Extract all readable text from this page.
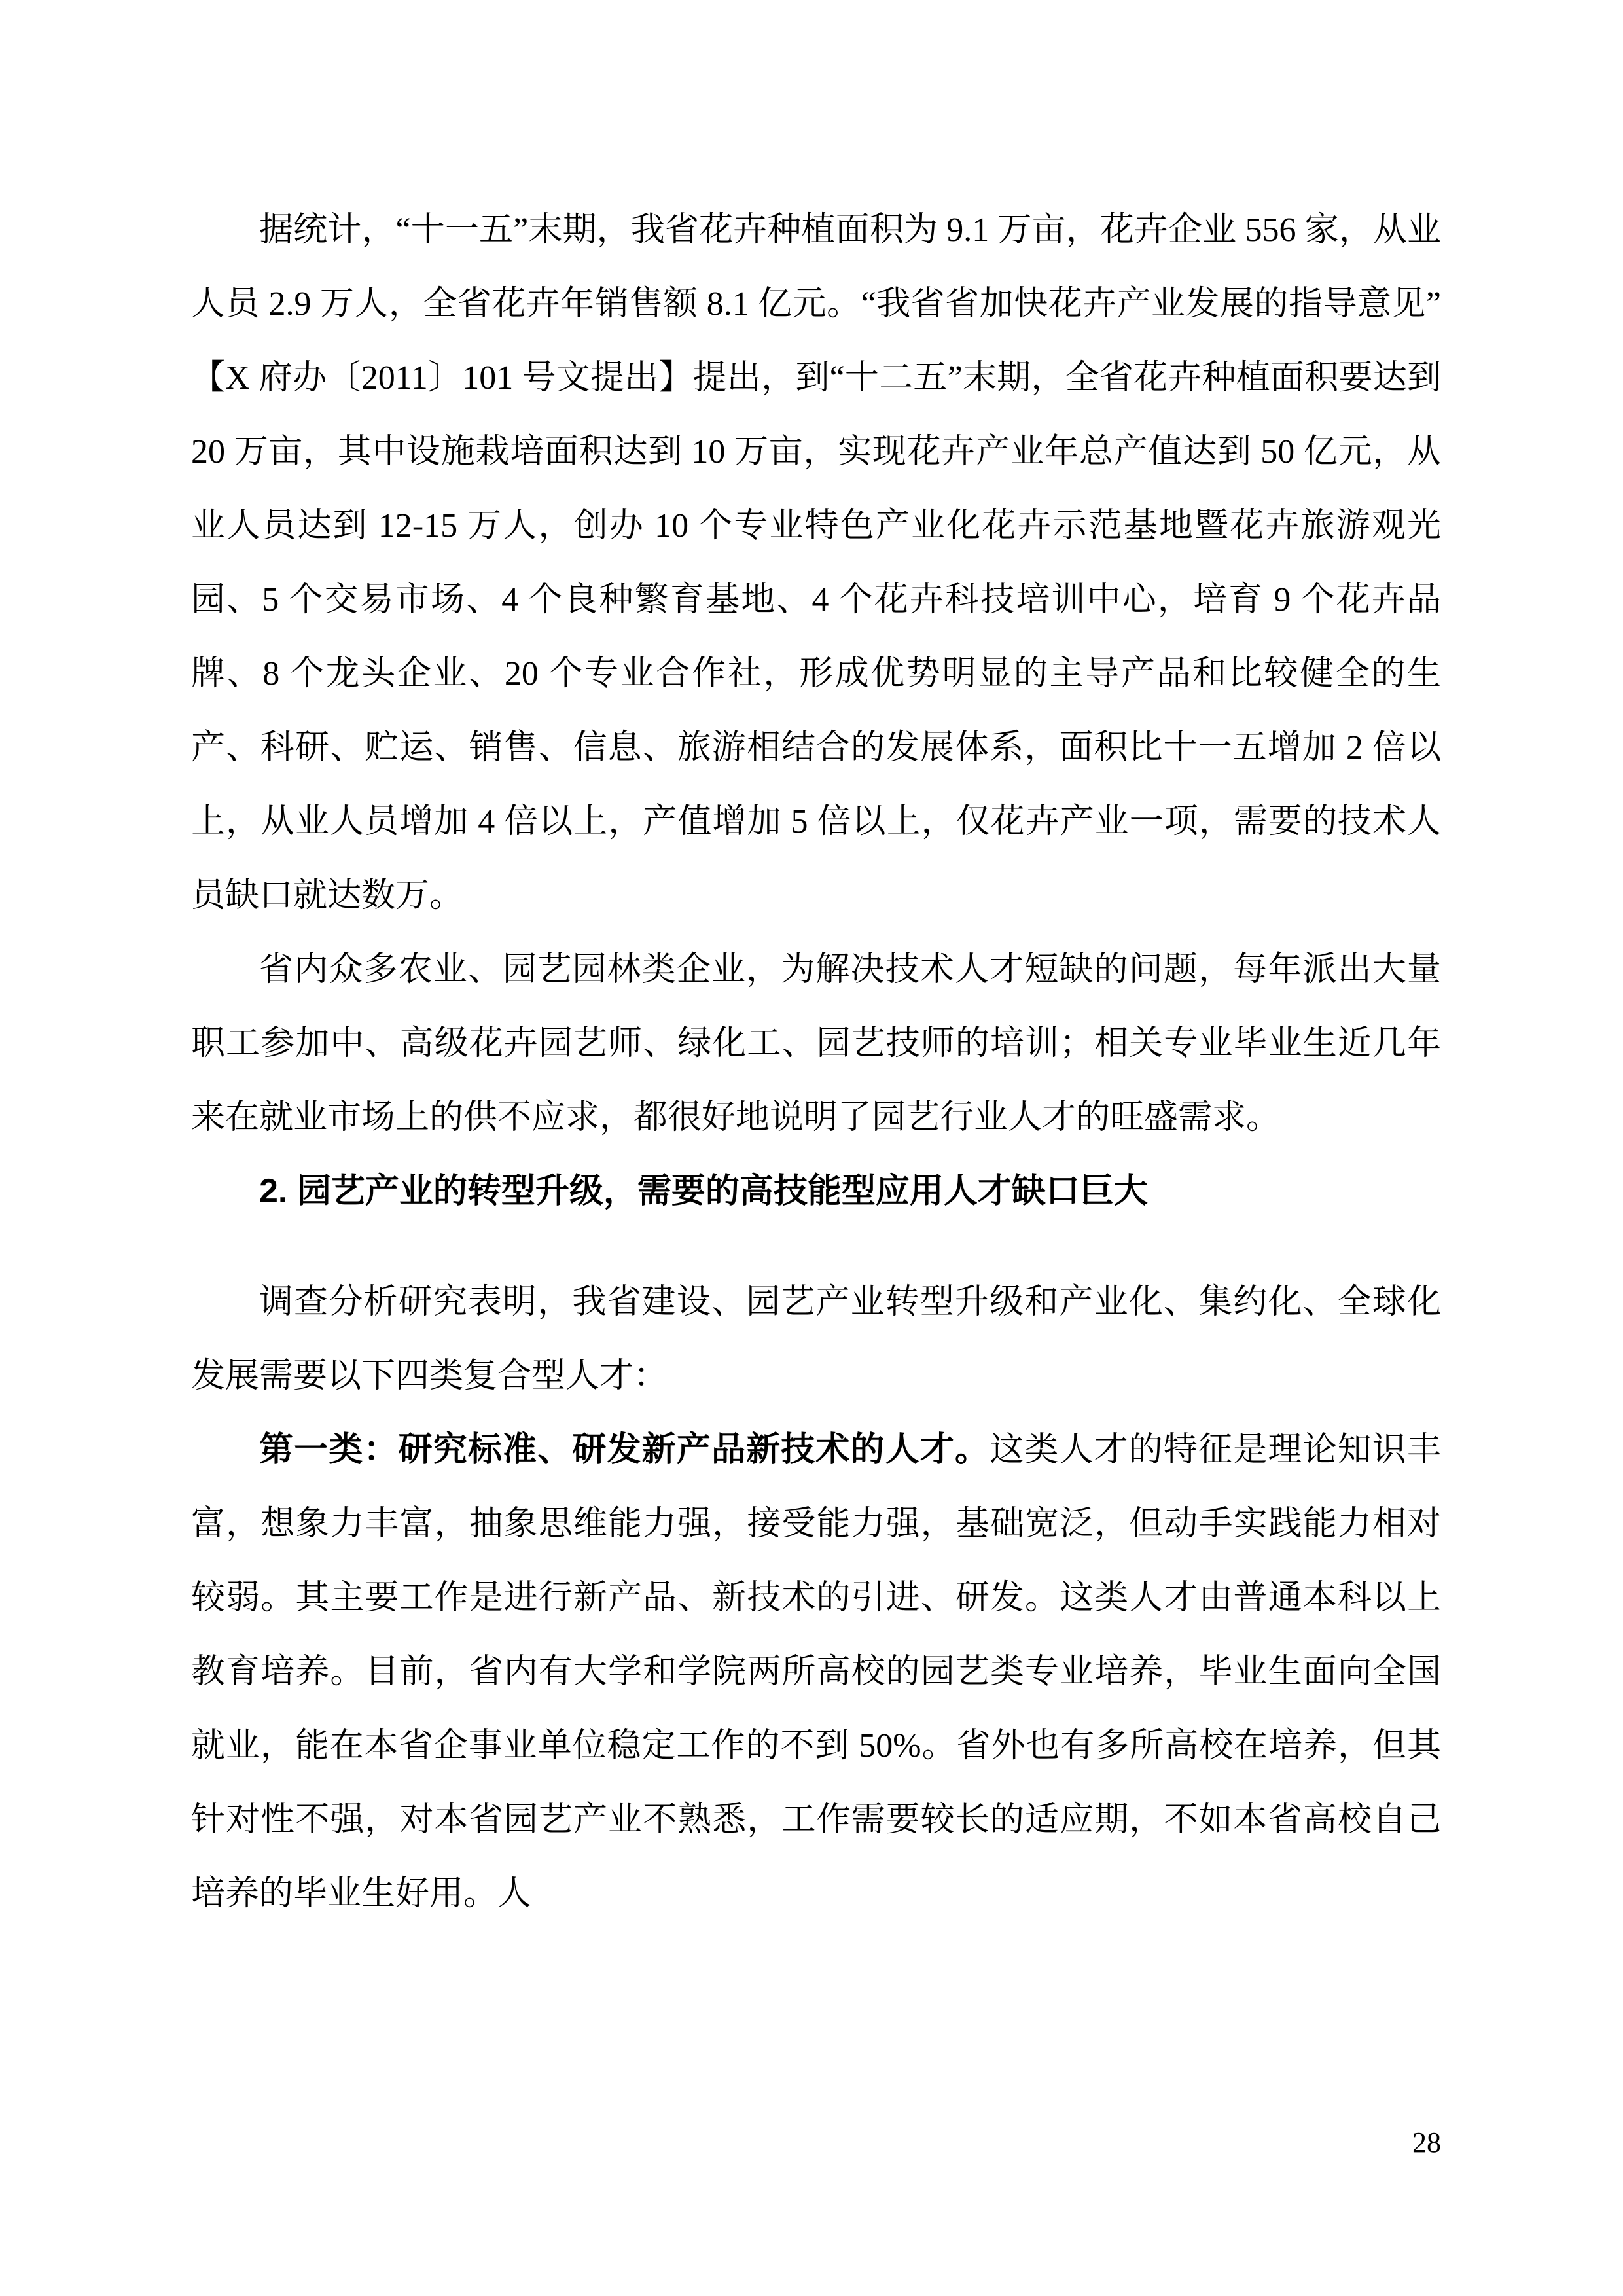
据统计，“十一五”末期，我省花卉种植面积为 9.1 万亩，花卉企业 556 家，从业人员 2.9 万人，全省花卉年销售额 8.1 亿元。“我省省加快花卉产业发展的指导意见”【X 府办〔2011〕101 号文提出】提出，到“十二五”末期，全省花卉种植面积要达到 20 万亩，其中设施栽培面积达到 10 万亩，实现花卉产业年总产值达到 50 亿元，从业人员达到 12-15 万人，创办 10 个专业特色产业化花卉示范基地暨花卉旅游观光园、5 个交易市场、4 个良种繁育基地、4 个花卉科技培训中心，培育 9 个花卉品牌、8 个龙头企业、20 个专业合作社，形成优势明显的主导产品和比较健全的生产、科研、贮运、销售、信息、旅游相结合的发展体系，面积比十一五增加 2 倍以上，从业人员增加 4 倍以上，产值增加 5 倍以上，仅花卉产业一项，需要的技术人员缺口就达数万。

省内众多农业、园艺园林类企业，为解决技术人才短缺的问题，每年派出大量职工参加中、高级花卉园艺师、绿化工、园艺技师的培训；相关专业毕业生近几年来在就业市场上的供不应求，都很好地说明了园艺行业人才的旺盛需求。

2. 园艺产业的转型升级，需要的高技能型应用人才缺口巨大

调查分析研究表明，我省建设、园艺产业转型升级和产业化、集约化、全球化发展需要以下四类复合型人才：

第一类：研究标准、研发新产品新技术的人才。这类人才的特征是理论知识丰富，想象力丰富，抽象思维能力强，接受能力强，基础宽泛，但动手实践能力相对较弱。其主要工作是进行新产品、新技术的引进、研发。这类人才由普通本科以上教育培养。目前，省内有大学和学院两所高校的园艺类专业培养，毕业生面向全国就业，能在本省企事业单位稳定工作的不到 50%。省外也有多所高校在培养，但其针对性不强，对本省园艺产业不熟悉，工作需要较长的适应期，不如本省高校自己培养的毕业生好用。人

28
